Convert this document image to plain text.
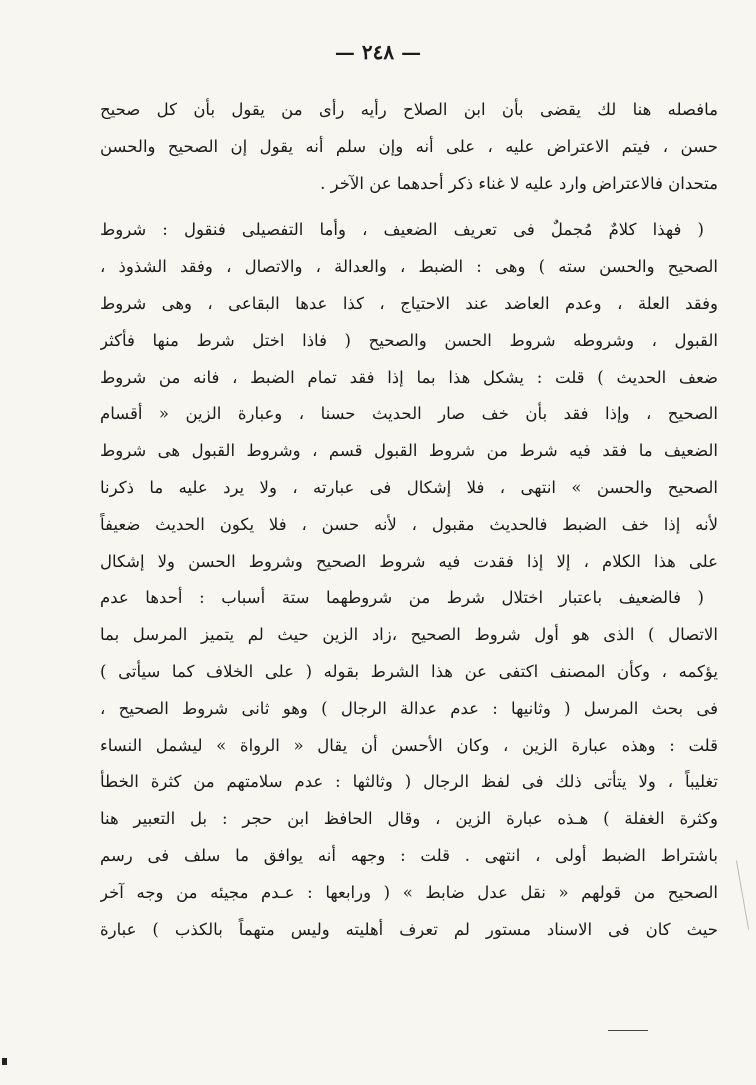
— ٢٤٨ —
مافصله هنا لك يقضى بأن ابن الصلاح رأيه رأى من يقول بأن كل صحيح
حسن ، فيتم الاعتراض عليه ، على أنه وإن سلم أنه يقول إن الصحيح والحسن
متحدان فالاعتراض وارد عليه لا غناء ذكر أحدهما عن الآخر .
( فهذا كلامٌ مُجملٌ فى تعريف الضعيف ، وأما التفصيلى فنقول : شروط
الصحيح والحسن سته ) وهى : الضبط ، والعدالة ، والاتصال ، وفقد الشذوذ ،
وفقد العلة ، وعدم العاضد عند الاحتياج ، كذا عدها البقاعى ، وهى شروط
القبول ، وشروطه شروط الحسن والصحيح ( فاذا اختل شرط منها فأكثر
ضعف الحديث ) قلت : يشكل هذا بما إذا فقد تمام الضبط ، فانه من شروط
الصحيح ، وإذا فقد بأن خف صار الحديث حسنا ، وعبارة الزين « أقسام
الضعيف ما فقد فيه شرط من شروط القبول قسم ، وشروط القبول هى شروط
الصحيح والحسن » انتهى ، فلا إشكال فى عبارته ، ولا يرد عليه ما ذكرنا
لأنه إذا خف الضبط فالحديث مقبول ، لأنه حسن ، فلا يكون الحديث ضعيفاً
على هذا الكلام ، إلا إذا فقدت فيه شروط الصحيح وشروط الحسن ولا إشكال
( فالضعيف باعتبار اختلال شرط من شروطهما ستة أسباب : أحدها عدم
الاتصال ) الذى هو أول شروط الصحيح ،زاد الزين حيث لم يتميز المرسل بما
يؤكمه ، وكأن المصنف اكتفى عن هذا الشرط بقوله ( على الخلاف كما سيأتى )
فى بحث المرسل ( وثانيها : عدم عدالة الرجال ) وهو ثانى شروط الصحيح ،
قلت : وهذه عبارة الزين ، وكان الأحسن أن يقال « الرواة » ليشمل النساء
تغليباً ، ولا يتأتى ذلك فى لفظ الرجال ( وثالثها : عدم سلامتهم من كثرة الخطأ
وكثرة الغفلة ) هـذه عبارة الزين ، وقال الحافظ ابن حجر : بل التعبير هنا
باشتراط الضبط أولى ، انتهى . قلت : وجهه أنه يوافق ما سلف فى رسم
الصحيح من قولهم « نقل عدل ضابط » ( ورابعها : عـدم مجيئه من وجه آخر
حيث كان فى الاسناد مستور لم تعرف أهليته وليس متهماً بالكذب ) عبارة
